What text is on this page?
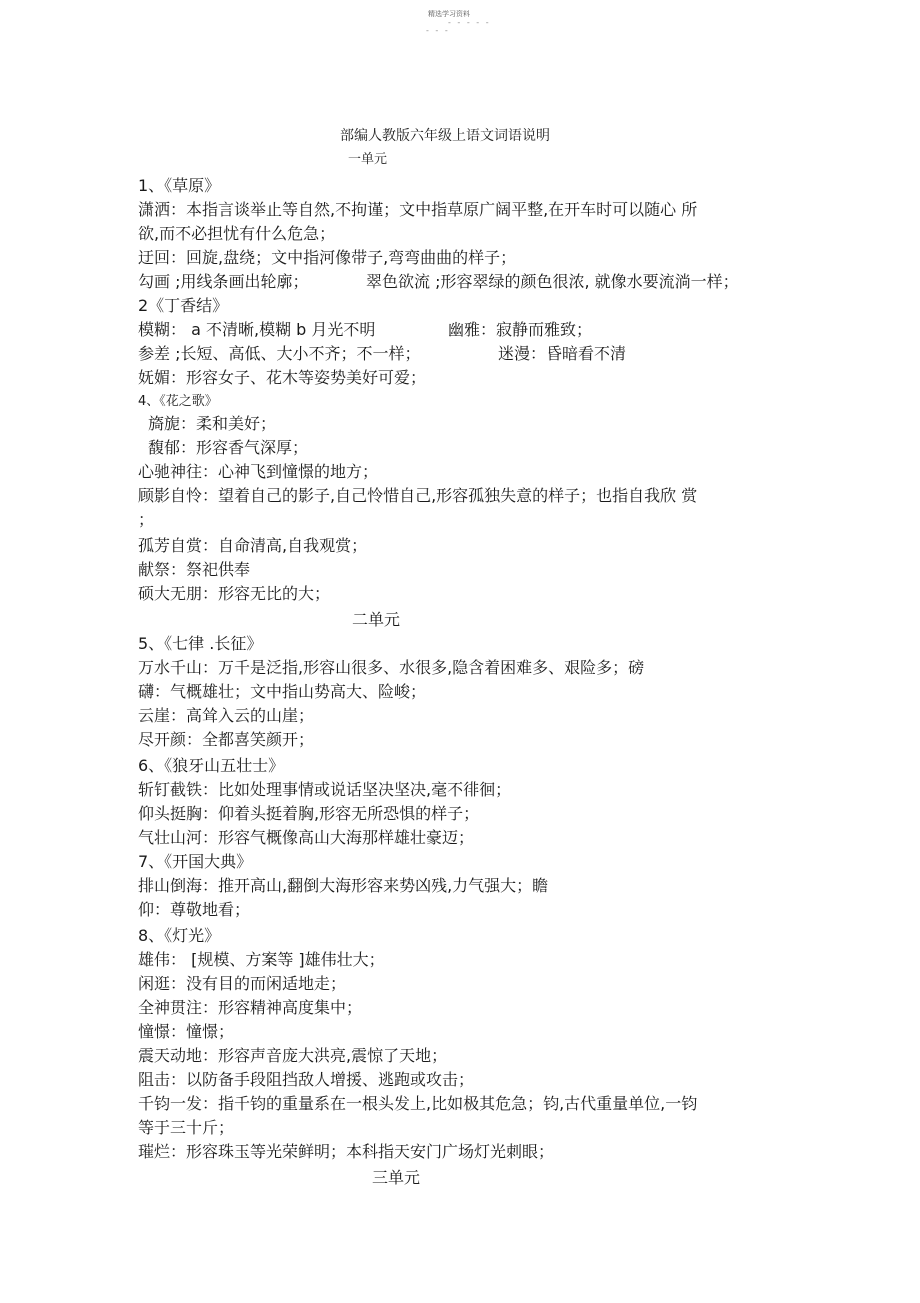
精选学习资料
- - - - -
- - -
部编人教版六年级上语文词语说明
一单元
1、《草原》
潇洒：本指言谈举止等自然,不拘谨；文中指草原广阔平整,在开车时可以随心 所
欲,而不必担忧有什么危急；
迂回：回旋,盘绕；文中指河像带子,弯弯曲曲的样子；
勾画 ;用线条画出轮廓；	翠色欲流 ;形容翠绿的颜色很浓, 就像水要流淌一样；
2《丁香结》
模糊： a 不清晰,模糊 b 月光不明	幽雅：寂静而雅致；
参差 ;长短、高低、大小不齐；不一样；	迷漫：昏暗看不清
妩媚：形容女子、花木等姿势美好可爱；
4、《花之歌》
旖旎：柔和美好；
馥郁：形容香气深厚；
心驰神往：心神飞到憧憬的地方；
顾影自怜：望着自己的影子,自己怜惜自己,形容孤独失意的样子；也指自我欣 赏
；
孤芳自赏：自命清高,自我观赏；
献祭：祭祀供奉
硕大无朋：形容无比的大；
二单元
5、《七律 .长征》
万水千山：万千是泛指,形容山很多、水很多,隐含着困难多、艰险多；磅
礴：气概雄壮；文中指山势高大、险峻；
云崖：高耸入云的山崖；
尽开颜：全都喜笑颜开；
6、《狼牙山五壮士》
斩钉截铁：比如处理事情或说话坚决坚决,毫不徘徊；
仰头挺胸：仰着头挺着胸,形容无所恐惧的样子；
气壮山河：形容气概像高山大海那样雄壮豪迈；
7、《开国大典》
排山倒海：推开高山,翻倒大海形容来势凶残,力气强大；瞻
仰：尊敬地看；
8、《灯光》
雄伟： [规模、方案等 ]雄伟壮大；
闲逛：没有目的而闲适地走；
全神贯注：形容精神高度集中；
憧憬：憧憬；
震天动地：形容声音庞大洪亮,震惊了天地；
阻击：以防备手段阻挡敌人增援、逃跑或攻击；
千钧一发：指千钧的重量系在一根头发上,比如极其危急；钧,古代重量单位,一钧
等于三十斤；
璀烂：形容珠玉等光荣鲜明；本科指天安门广场灯光刺眼；
三单元
